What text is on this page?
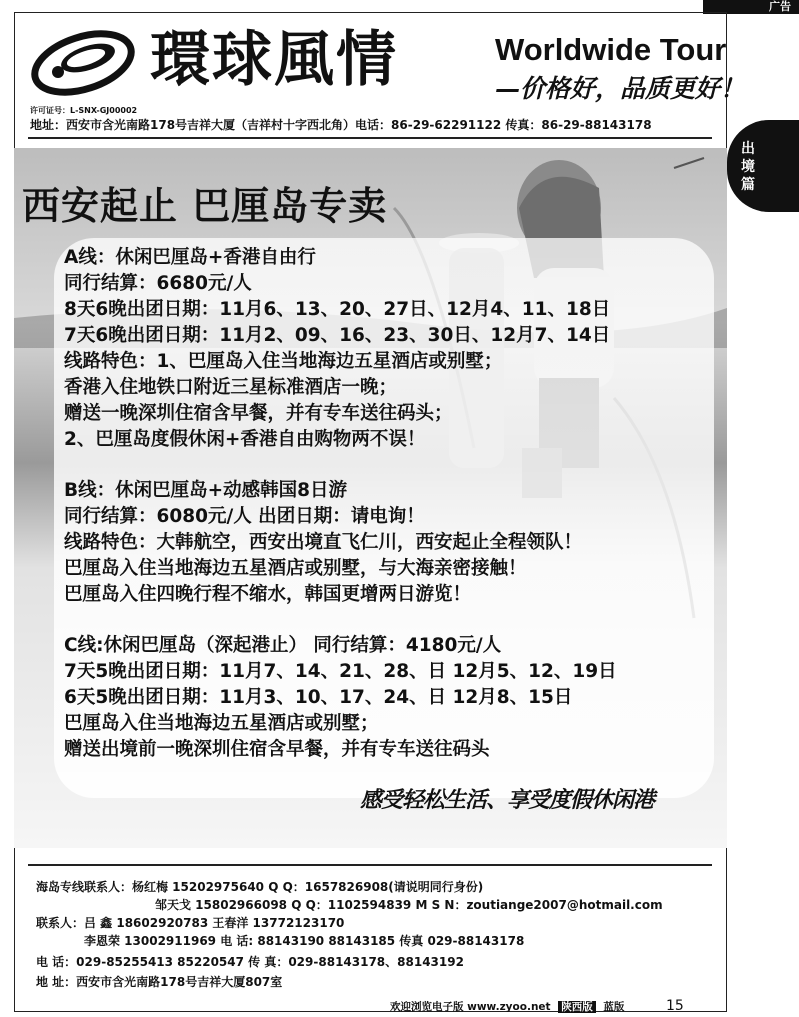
广告
環球風情	Worldwide Tour
—价格好，品质更好！
许可证号：L-SNX-GJ00002
地址：西安市含光南路178号吉祥大厦（吉祥村十字西北角）电话：86-29-62291122 传真：86-29-88143178
出境篇
西安起止 巴厘岛专卖
A线：休闲巴厘岛+香港自由行
同行结算：6680元/人
8天6晚出团日期：11月6、13、20、27日、12月4、11、18日
7天6晚出团日期：11月2、09、16、23、30日、12月7、14日
线路特色：1、巴厘岛入住当地海边五星酒店或别墅；
香港入住地铁口附近三星标准酒店一晚；
赠送一晚深圳住宿含早餐，并有专车送往码头；
2、巴厘岛度假休闲+香港自由购物两不误！
B线：休闲巴厘岛+动感韩国8日游
同行结算：6080元/人 出团日期：请电询！
线路特色：大韩航空，西安出境直飞仁川，西安起止全程领队！
巴厘岛入住当地海边五星酒店或别墅，与大海亲密接触！
巴厘岛入住四晚行程不缩水，韩国更增两日游览！
C线:休闲巴厘岛（深起港止） 同行结算：4180元/人
7天5晚出团日期：11月7、14、21、28、日 12月5、12、19日
6天5晚出团日期：11月3、10、17、24、日 12月8、15日
巴厘岛入住当地海边五星酒店或别墅；
赠送出境前一晚深圳住宿含早餐，并有专车送往码头
感受轻松生活、享受度假休闲港
海岛专线联系人：杨红梅 15202975640 Q Q：1657826908(请说明同行身份)
邹天戈 15802966098 Q Q：1102594839 M S N：zoutiange2007@hotmail.com
联系人：吕 鑫 18602920783 王春洋 13772123170
李恩荣 13002911969 电 话: 88143190 88143185 传真 029-88143178
电 话：029-85255413 85220547 传 真：029-88143178、88143192
地 址：西安市含光南路178号吉祥大厦807室
欢迎浏览电子版 www.zyoo.net 陕西版 蓝版	15
